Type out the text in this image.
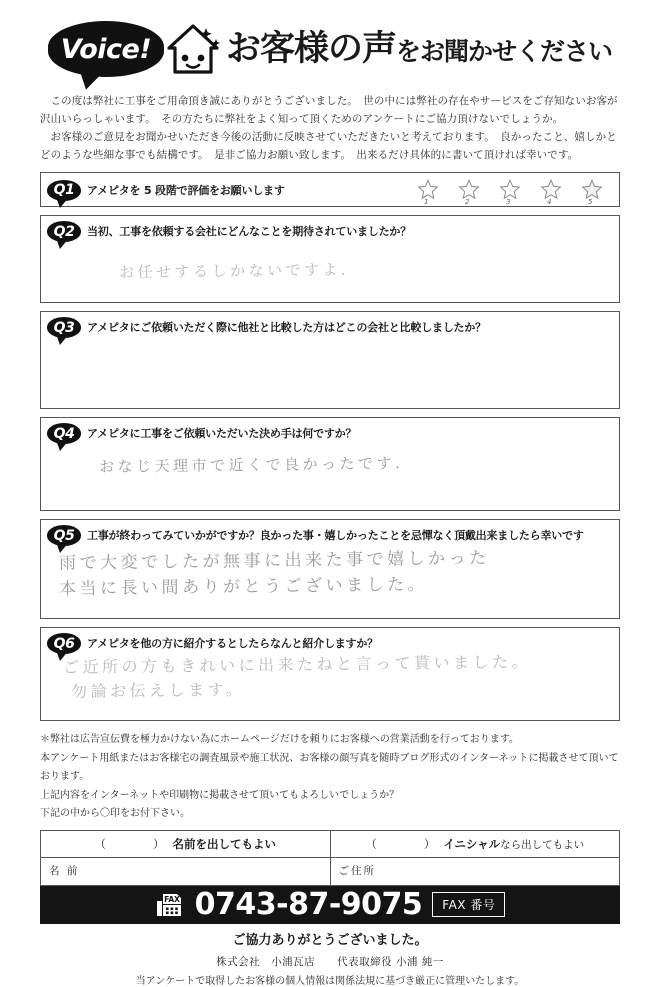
Voice! お客様の声をお聞かせください

この度は弊社に工事をご用命頂き誠にありがとうございました。　世の中には弊社の存在やサービスをご存知ないお客が沢山いらっしゃいます。　その方たちに弊社をよく知って頂くためのアンケートにご協力頂けないでしょうか。

お客様のご意見をお聞かせいただき今後の活動に反映させていただきたいと考えております。　良かったこと、嬉しかとどのような些細な事でも結構です。　是非ご協力お願い致します。　出来るだけ具体的に書いて頂ければ幸いです。

Q1	アメピタを 5 段階で評価をお願いします
1	2	3	4	5
Q2	当初、工事を依頼する会社にどんなことを期待されていましたか？
お任せするしかないですよ.
Q3	アメピタにご依頼いただく際に他社と比較した方はどこの会社と比較しましたか？
Q4	アメピタに工事をご依頼いただいた決め手は何ですか？
おなじ天理市で近くで良かったです.
Q5	工事が終わってみていかがですか？良かった事・嬉しかったことを忌憚なく頂戴出来ましたら幸いです
雨で大変でしたが無事に出来た事で嬉しかった
本当に長い間ありがとうございました。
Q6	アメピタを他の方に紹介するとしたらなんと紹介しますか？
ご近所の方もきれいに出来たねと言って貰いました。
勿論お伝えします。
＊弊社は広告宣伝費を極力かけない為にホームページだけを頼りにお客様への営業活動を行っております。
本アンケート用紙またはお客様宅の調査風景や施工状況、お客様の顔写真を随時ブログ形式のインターネットに掲載させて頂いております。
上記内容をインターネットや印刷物に掲載させて頂いてもよろしいでしょうか？
下記の中から〇印をお付下さい。
（　　）名前を出してもよい	（　　）イニシャルなら出してもよい
名 前	ご住所
FAX 0743-87-9075	FAX 番号
ご協力ありがとうございました。
株式会社　小浦瓦店　　代表取締役 小浦 純一
当アンケートで取得したお客様の個人情報は関係法規に基づき厳正に管理いたします。
